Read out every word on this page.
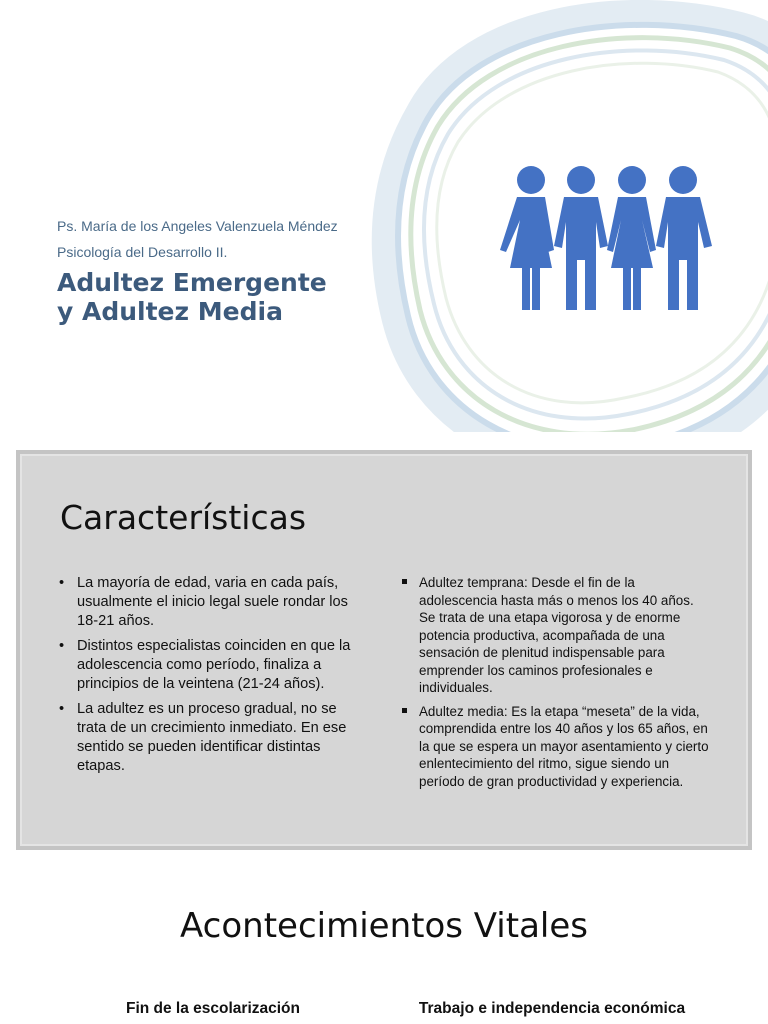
Ps. María de los Angeles Valenzuela Méndez
Psicología del Desarrollo II.
Adultez Emergente
y Adultez Media
Características
• La mayoría de edad, varia en cada país, usualmente el inicio legal suele rondar los 18-21 años.
• Distintos especialistas coinciden en que la adolescencia como período, finaliza a principios de la veintena (21-24 años).
• La adultez es un proceso gradual, no se trata de un crecimiento inmediato. En ese sentido se pueden identificar distintas etapas.
Adultez temprana: Desde el fin de la adolescencia hasta más o menos los 40 años. Se trata de una etapa vigorosa y de enorme potencia productiva, acompañada de una sensación de plenitud indispensable para emprender los caminos profesionales e individuales.
Adultez media: Es la etapa “meseta” de la vida, comprendida entre los 40 años y los 65 años, en la que se espera un mayor asentamiento y cierto enlentecimiento del ritmo, sigue siendo un período de gran productividad y experiencia.
Acontecimientos Vitales
Fin de la escolarización	Trabajo e independencia económica
